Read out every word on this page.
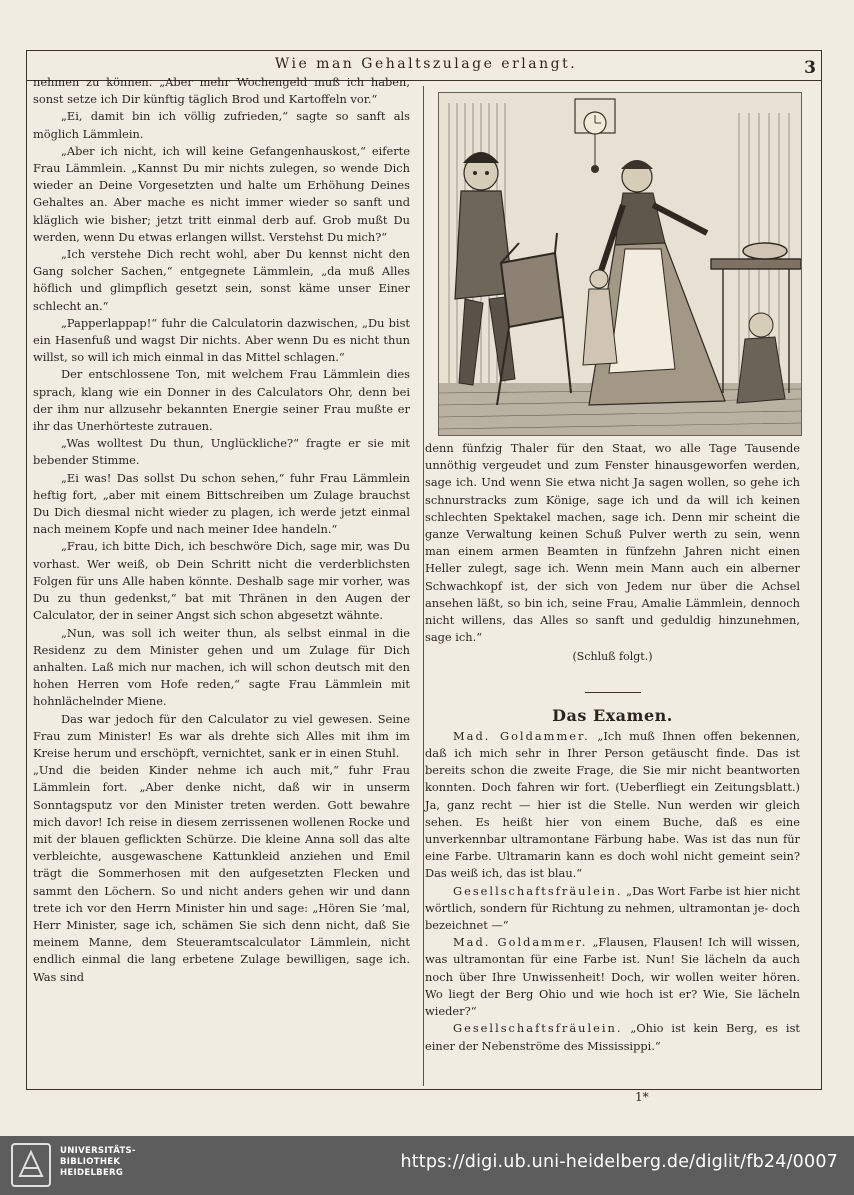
Wie man Gehaltszulage erlangt.	3

nehmen zu können. „Aber mehr Wochengeld muß ich haben, sonst setze ich Dir künftig täglich Brod und Kartoffeln vor.“

„Ei, damit bin ich völlig zufrieden,“ sagte so sanft als möglich Lämmlein.

„Aber ich nicht, ich will keine Gefangenhauskost,“ eiferte Frau Lämmlein. „Kannst Du mir nichts zulegen, so wende Dich wieder an Deine Vorgesetzten und halte um Erhöhung Deines Gehaltes an. Aber mache es nicht immer wieder so sanft und kläglich wie bisher; jetzt tritt einmal derb auf. Grob mußt Du werden, wenn Du etwas erlangen willst. Verstehst Du mich?“

„Ich verstehe Dich recht wohl, aber Du kennst nicht den Gang solcher Sachen,“ entgegnete Lämmlein, „da muß Alles höflich und glimpflich gesetzt sein, sonst käme unser Einer schlecht an.“

„Papperlappap!“ fuhr die Calculatorin dazwischen, „Du bist ein Hasenfuß und wagst Dir nichts. Aber wenn Du es nicht thun willst, so will ich mich einmal in das Mittel schlagen.“

Der entschlossene Ton, mit welchem Frau Lämmlein dies sprach, klang wie ein Donner in des Calculators Ohr, denn bei der ihm nur allzusehr bekannten Energie seiner Frau mußte er ihr das Unerhörteste zutrauen.

„Was wolltest Du thun, Unglückliche?“ fragte er sie mit bebender Stimme.

„Ei was! Das sollst Du schon sehen,“ fuhr Frau Lämmlein heftig fort, „aber mit einem Bittschreiben um Zulage brauchst Du Dich diesmal nicht wieder zu plagen, ich werde jetzt einmal nach meinem Kopfe und nach meiner Idee handeln.“

„Frau, ich bitte Dich, ich beschwöre Dich, sage mir, was Du vorhast. Wer weiß, ob Dein Schritt nicht die verderblichsten Folgen für uns Alle haben könnte. Deshalb sage mir vorher, was Du zu thun gedenkst,“ bat mit Thränen in den Augen der Calculator, der in seiner Angst sich schon abgesetzt wähnte.

„Nun, was soll ich weiter thun, als selbst einmal in die Residenz zu dem Minister gehen und um Zulage für Dich anhalten. Laß mich nur machen, ich will schon deutsch mit den hohen Herren vom Hofe reden,“ sagte Frau Lämmlein mit hohnlächelnder Miene.

Das war jedoch für den Calculator zu viel gewesen. Seine Frau zum Minister! Es war als drehte sich Alles mit ihm im Kreise herum und erschöpft, vernichtet, sank er in einen Stuhl.

„Und die beiden Kinder nehme ich auch mit,“ fuhr Frau Lämmlein fort. „Aber denke nicht, daß wir in unserm Sonntagsputz vor den Minister treten werden. Gott bewahre mich davor! Ich reise in diesem zerrissenen wollenen Rocke und mit der blauen geflickten Schürze. Die kleine Anna soll das alte verbleichte, ausgewaschene Kattunkleid anziehen und Emil trägt die Sommerhosen mit den aufgesetzten Flecken und sammt den Löchern. So und nicht anders gehen wir und dann trete ich vor den Herrn Minister hin und sage: „Hören Sie ’mal, Herr Minister, sage ich, schämen Sie sich denn nicht, daß Sie meinem Manne, dem Steueramtscalculator Lämmlein, nicht endlich einmal die lang erbetene Zulage bewilligen, sage ich. Was sind

denn fünfzig Thaler für den Staat, wo alle Tage Tausende unnöthig vergeudet und zum Fenster hinausgeworfen werden, sage ich. Und wenn Sie etwa nicht Ja sagen wollen, so gehe ich schnurstracks zum Könige, sage ich und da will ich keinen schlechten Spektakel machen, sage ich. Denn mir scheint die ganze Verwaltung keinen Schuß Pulver werth zu sein, wenn man einem armen Beamten in fünfzehn Jahren nicht einen Heller zulegt, sage ich. Wenn mein Mann auch ein alberner Schwachkopf ist, der sich von Jedem nur über die Achsel ansehen läßt, so bin ich, seine Frau, Amalie Lämmlein, dennoch nicht willens, das Alles so sanft und geduldig hinzunehmen, sage ich.“

(Schluß folgt.)

Das Examen.

Mad. Goldammer. „Ich muß Ihnen offen bekennen, daß ich mich sehr in Ihrer Person getäuscht finde. Das ist bereits schon die zweite Frage, die Sie mir nicht beantworten konnten. Doch fahren wir fort. (Ueberfliegt ein Zeitungsblatt.) Ja, ganz recht — hier ist die Stelle. Nun werden wir gleich sehen. Es heißt hier von einem Buche, daß es eine unverkennbar ultramontane Färbung habe. Was ist das nun für eine Farbe. Ultramarin kann es doch wohl nicht gemeint sein? Das weiß ich, das ist blau.“

Gesellschaftsfräulein. „Das Wort Farbe ist hier nicht wörtlich, sondern für Richtung zu nehmen, ultramontan je- doch bezeichnet —“

Mad. Goldammer. „Flausen, Flausen! Ich will wissen, was ultramontan für eine Farbe ist. Nun! Sie lächeln da auch noch über Ihre Unwissenheit! Doch, wir wollen weiter hören. Wo liegt der Berg Ohio und wie hoch ist er? Wie, Sie lächeln wieder?“

Gesellschaftsfräulein. „Ohio ist kein Berg, es ist einer der Nebenströme des Mississippi.“

1*
UNIVERSITÄTS-
BIBLIOTHEK
HEIDELBERG
https://digi.ub.uni-heidelberg.de/diglit/fb24/0007
